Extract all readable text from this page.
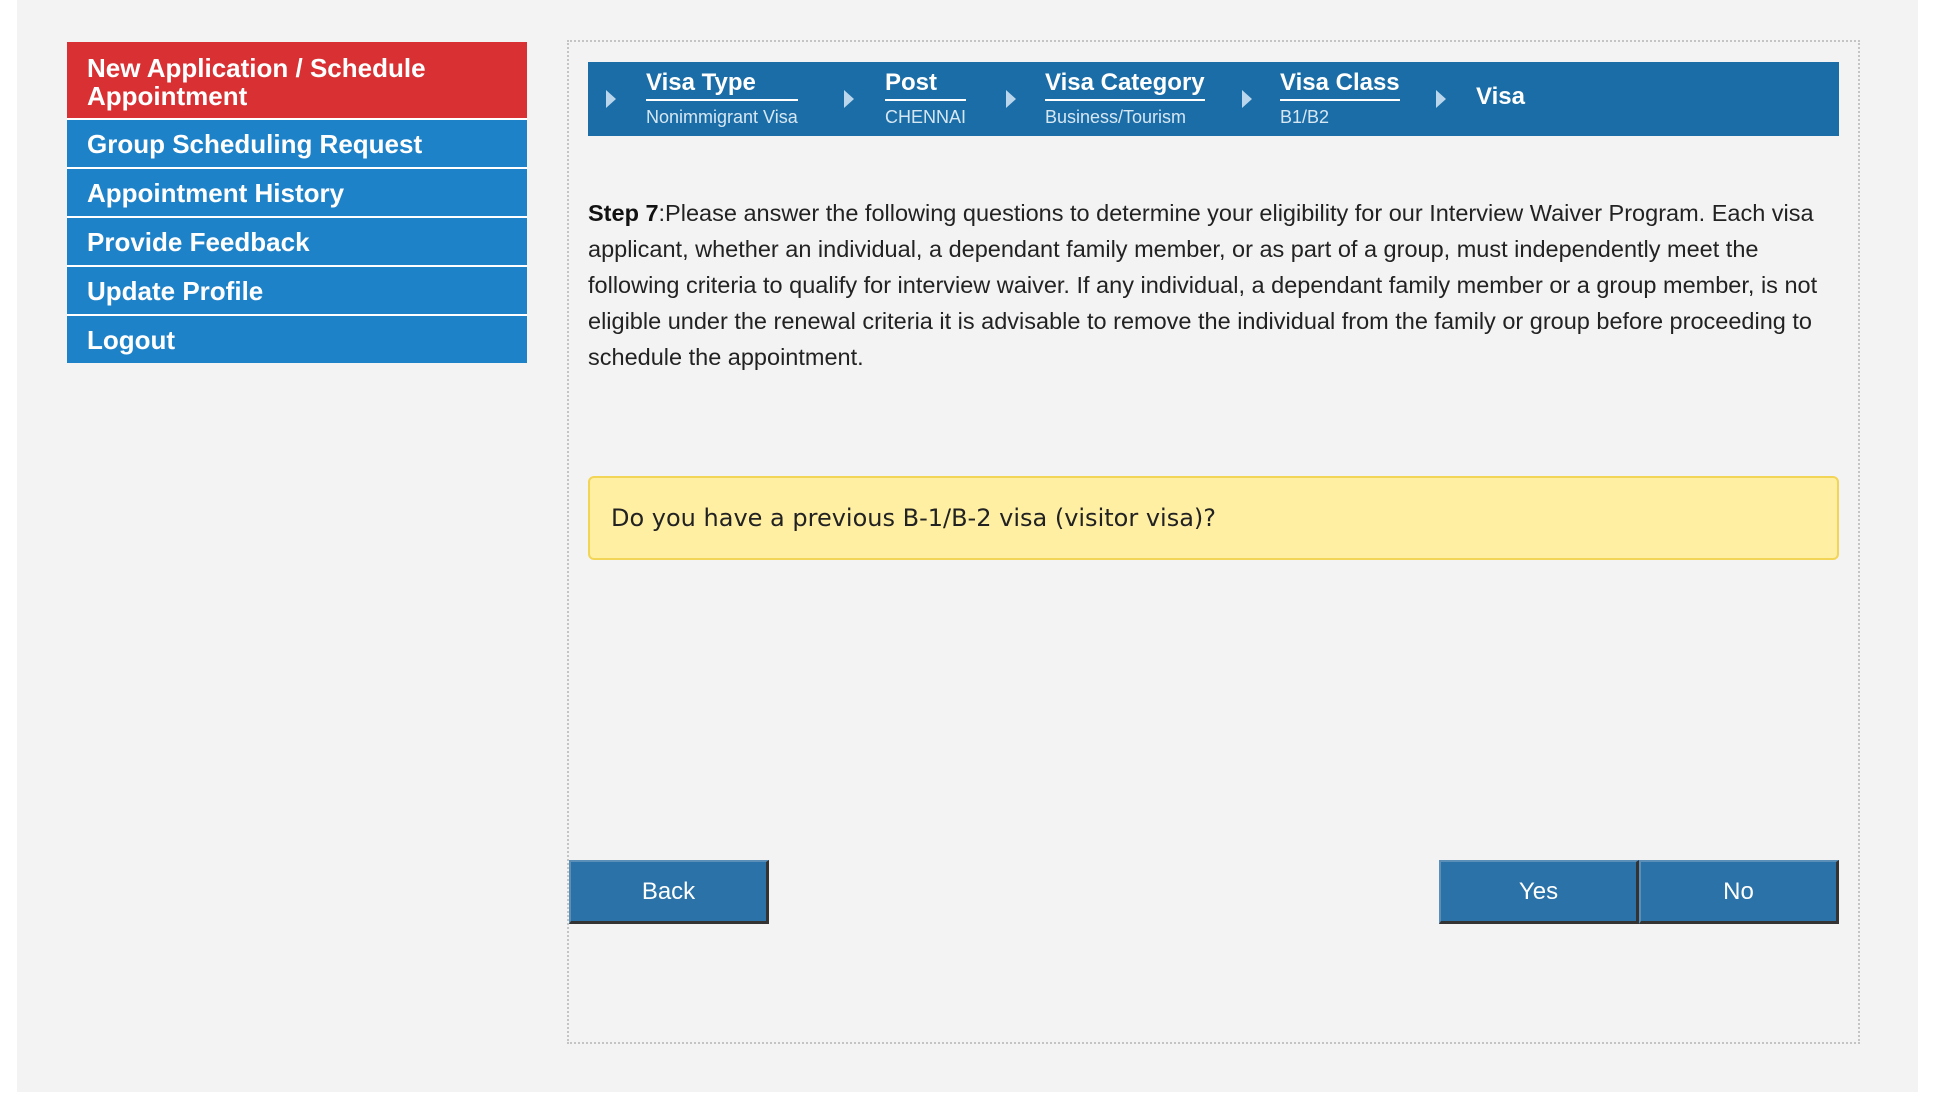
New Application / Schedule Appointment
Group Scheduling Request
Appointment History
Provide Feedback
Update Profile
Logout
Visa Type
Nonimmigrant Visa
Post
CHENNAI
Visa Category
Business/Tourism
Visa Class
B1/B2
Visa
Step 7:Please answer the following questions to determine your eligibility for our Interview Waiver Program. Each visa applicant, whether an individual, a dependant family member, or as part of a group, must independently meet the following criteria to qualify for interview waiver. If any individual, a dependant family member or a group member, is not eligible under the renewal criteria it is advisable to remove the individual from the family or group before proceeding to schedule the appointment.
Do you have a previous B-1/B-2 visa (visitor visa)?
Back	Yes	No
